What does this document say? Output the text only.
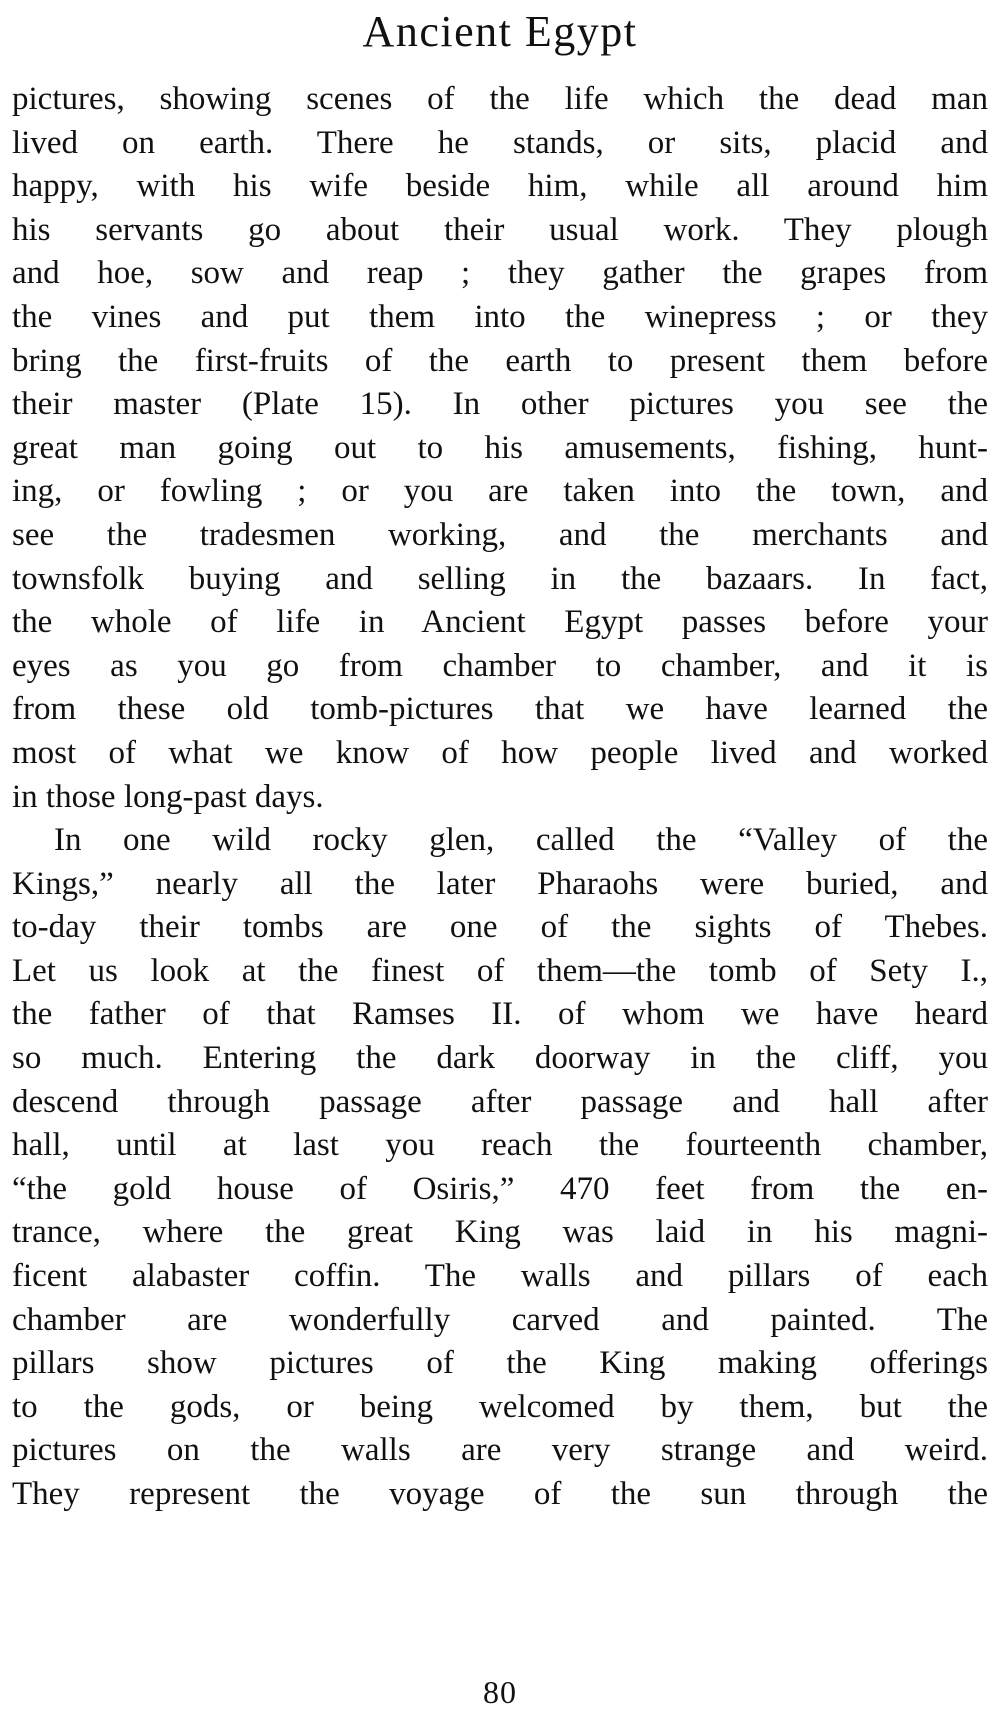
Ancient Egypt
pictures, showing scenes of the life which the dead man
lived on earth. There he stands, or sits, placid and
happy, with his wife beside him, while all around him
his servants go about their usual work. They plough
and hoe, sow and reap ; they gather the grapes from
the vines and put them into the winepress ; or they
bring the first-fruits of the earth to present them before
their master (Plate 15). In other pictures you see the
great man going out to his amusements, fishing, hunt-
ing, or fowling ; or you are taken into the town, and
see the tradesmen working, and the merchants and
townsfolk buying and selling in the bazaars. In fact,
the whole of life in Ancient Egypt passes before your
eyes as you go from chamber to chamber, and it is
from these old tomb-pictures that we have learned the
most of what we know of how people lived and worked
in those long-past days.
In one wild rocky glen, called the “Valley of the
Kings,” nearly all the later Pharaohs were buried, and
to-day their tombs are one of the sights of Thebes.
Let us look at the finest of them—the tomb of Sety I.,
the father of that Ramses II. of whom we have heard
so much. Entering the dark doorway in the cliff, you
descend through passage after passage and hall after
hall, until at last you reach the fourteenth chamber,
“the gold house of Osiris,” 470 feet from the en-
trance, where the great King was laid in his magni-
ficent alabaster coffin. The walls and pillars of each
chamber are wonderfully carved and painted. The
pillars show pictures of the King making offerings
to the gods, or being welcomed by them, but the
pictures on the walls are very strange and weird.
They represent the voyage of the sun through the
80
